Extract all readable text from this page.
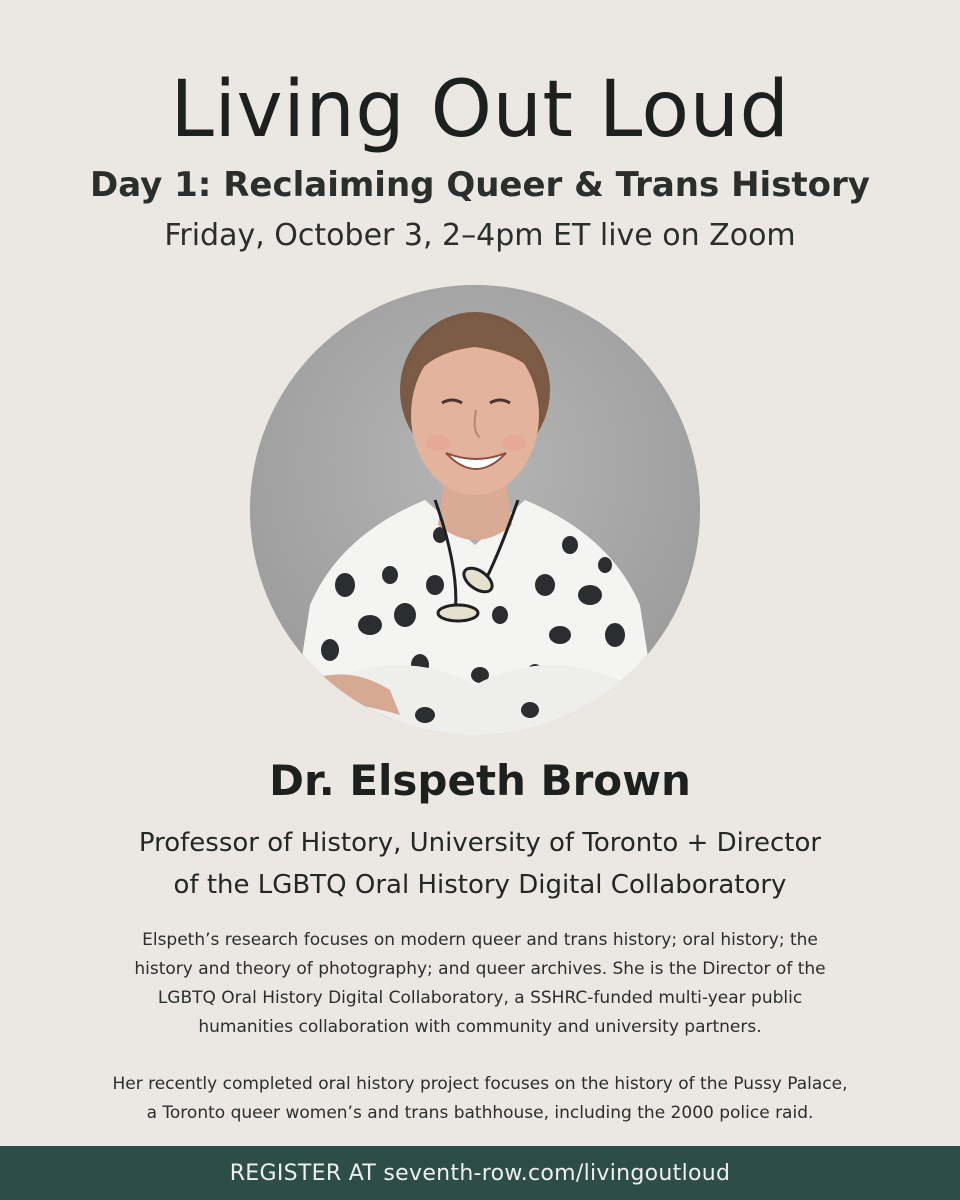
Living Out Loud
Day 1: Reclaiming Queer & Trans History

Friday, October 3, 2–4pm ET live on Zoom

Dr. Elspeth Brown

Professor of History, University of Toronto + Director
of the LGBTQ Oral History Digital Collaboratory

Elspeth’s research focuses on modern queer and trans history; oral history; the
history and theory of photography; and queer archives. She is the Director of the
LGBTQ Oral History Digital Collaboratory, a SSHRC-funded multi-year public
humanities collaboration with community and university partners.

Her recently completed oral history project focuses on the history of the Pussy Palace,
a Toronto queer women’s and trans bathhouse, including the 2000 police raid.

REGISTER AT seventh-row.com/livingoutloud
